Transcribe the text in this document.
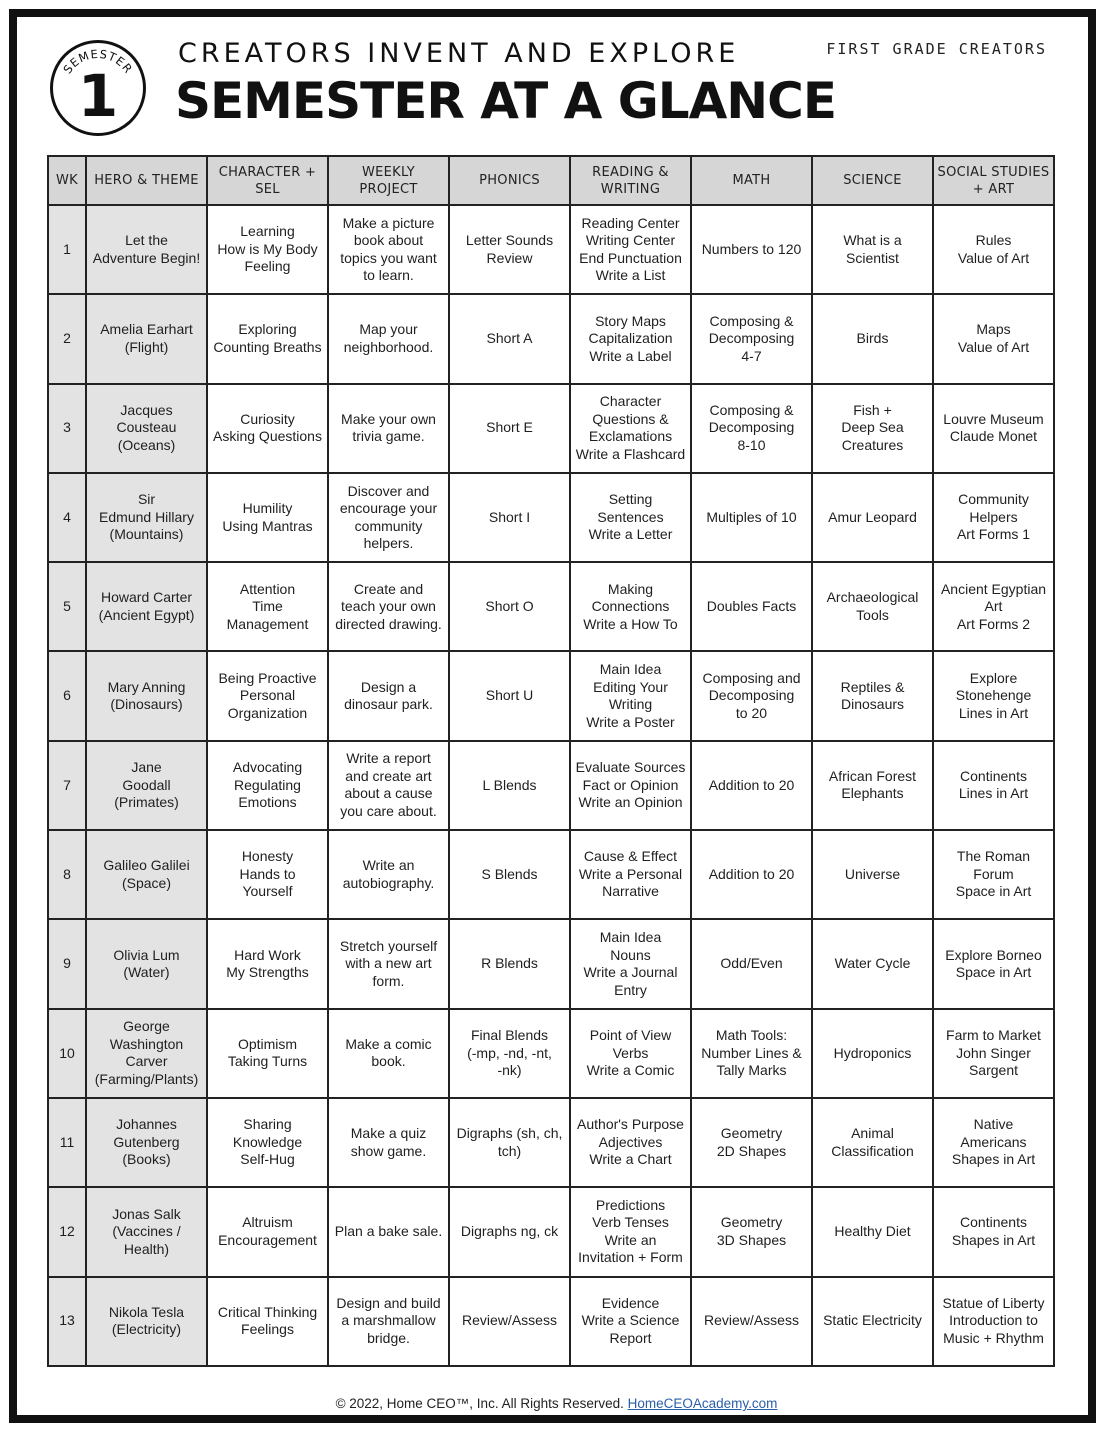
SEMESTER
1
CREATORS INVENT AND EXPLORE
SEMESTER AT A GLANCE
FIRST GRADE CREATORS
WK	HERO & THEME	CHARACTER +
SEL	WEEKLY
PROJECT	PHONICS	READING &
WRITING	MATH	SCIENCE	SOCIAL STUDIES
+ ART
1	Let the
Adventure Begin!	Learning
How is My Body
Feeling	Make a picture
book about
topics you want
to learn.	Letter Sounds
Review	Reading Center
Writing Center
End Punctuation
Write a List	Numbers to 120	What is a
Scientist	Rules
Value of Art
2	Amelia Earhart
(Flight)	Exploring
Counting Breaths	Map your
neighborhood.	Short A	Story Maps
Capitalization
Write a Label	Composing &
Decomposing
4-7	Birds	Maps
Value of Art
3	Jacques
Cousteau
(Oceans)	Curiosity
Asking Questions	Make your own
trivia game.	Short E	Character
Questions &
Exclamations
Write a Flashcard	Composing &
Decomposing
8-10	Fish +
Deep Sea
Creatures	Louvre Museum
Claude Monet
4	Sir
Edmund Hillary
(Mountains)	Humility
Using Mantras	Discover and
encourage your
community
helpers.	Short I	Setting
Sentences
Write a Letter	Multiples of 10	Amur Leopard	Community
Helpers
Art Forms 1
5	Howard Carter
(Ancient Egypt)	Attention
Time
Management	Create and
teach your own
directed drawing.	Short O	Making
Connections
Write a How To	Doubles Facts	Archaeological
Tools	Ancient Egyptian
Art
Art Forms 2
6	Mary Anning
(Dinosaurs)	Being Proactive
Personal
Organization	Design a
dinosaur park.	Short U	Main Idea
Editing Your
Writing
Write a Poster	Composing and
Decomposing
to 20	Reptiles &
Dinosaurs	Explore
Stonehenge
Lines in Art
7	Jane
Goodall
(Primates)	Advocating
Regulating
Emotions	Write a report
and create art
about a cause
you care about.	L Blends	Evaluate Sources
Fact or Opinion
Write an Opinion	Addition to 20	African Forest
Elephants	Continents
Lines in Art
8	Galileo Galilei
(Space)	Honesty
Hands to
Yourself	Write an
autobiography.	S Blends	Cause & Effect
Write a Personal
Narrative	Addition to 20	Universe	The Roman
Forum
Space in Art
9	Olivia Lum
(Water)	Hard Work
My Strengths	Stretch yourself
with a new art
form.	R Blends	Main Idea
Nouns
Write a Journal
Entry	Odd/Even	Water Cycle	Explore Borneo
Space in Art
10	George
Washington
Carver
(Farming/Plants)	Optimism
Taking Turns	Make a comic
book.	Final Blends
(-mp, -nd, -nt,
-nk)	Point of View
Verbs
Write a Comic	Math Tools:
Number Lines &
Tally Marks	Hydroponics	Farm to Market
John Singer
Sargent
11	Johannes
Gutenberg
(Books)	Sharing
Knowledge
Self-Hug	Make a quiz
show game.	Digraphs (sh, ch,
tch)	Author's Purpose
Adjectives
Write a Chart	Geometry
2D Shapes	Animal
Classification	Native
Americans
Shapes in Art
12	Jonas Salk
(Vaccines /
Health)	Altruism
Encouragement	Plan a bake sale.	Digraphs ng, ck	Predictions
Verb Tenses
Write an
Invitation + Form	Geometry
3D Shapes	Healthy Diet	Continents
Shapes in Art
13	Nikola Tesla
(Electricity)	Critical Thinking
Feelings	Design and build
a marshmallow
bridge.	Review/Assess	Evidence
Write a Science
Report	Review/Assess	Static Electricity	Statue of Liberty
Introduction to
Music + Rhythm
© 2022, Home CEO™, Inc. All Rights Reserved. HomeCEOAcademy.com
